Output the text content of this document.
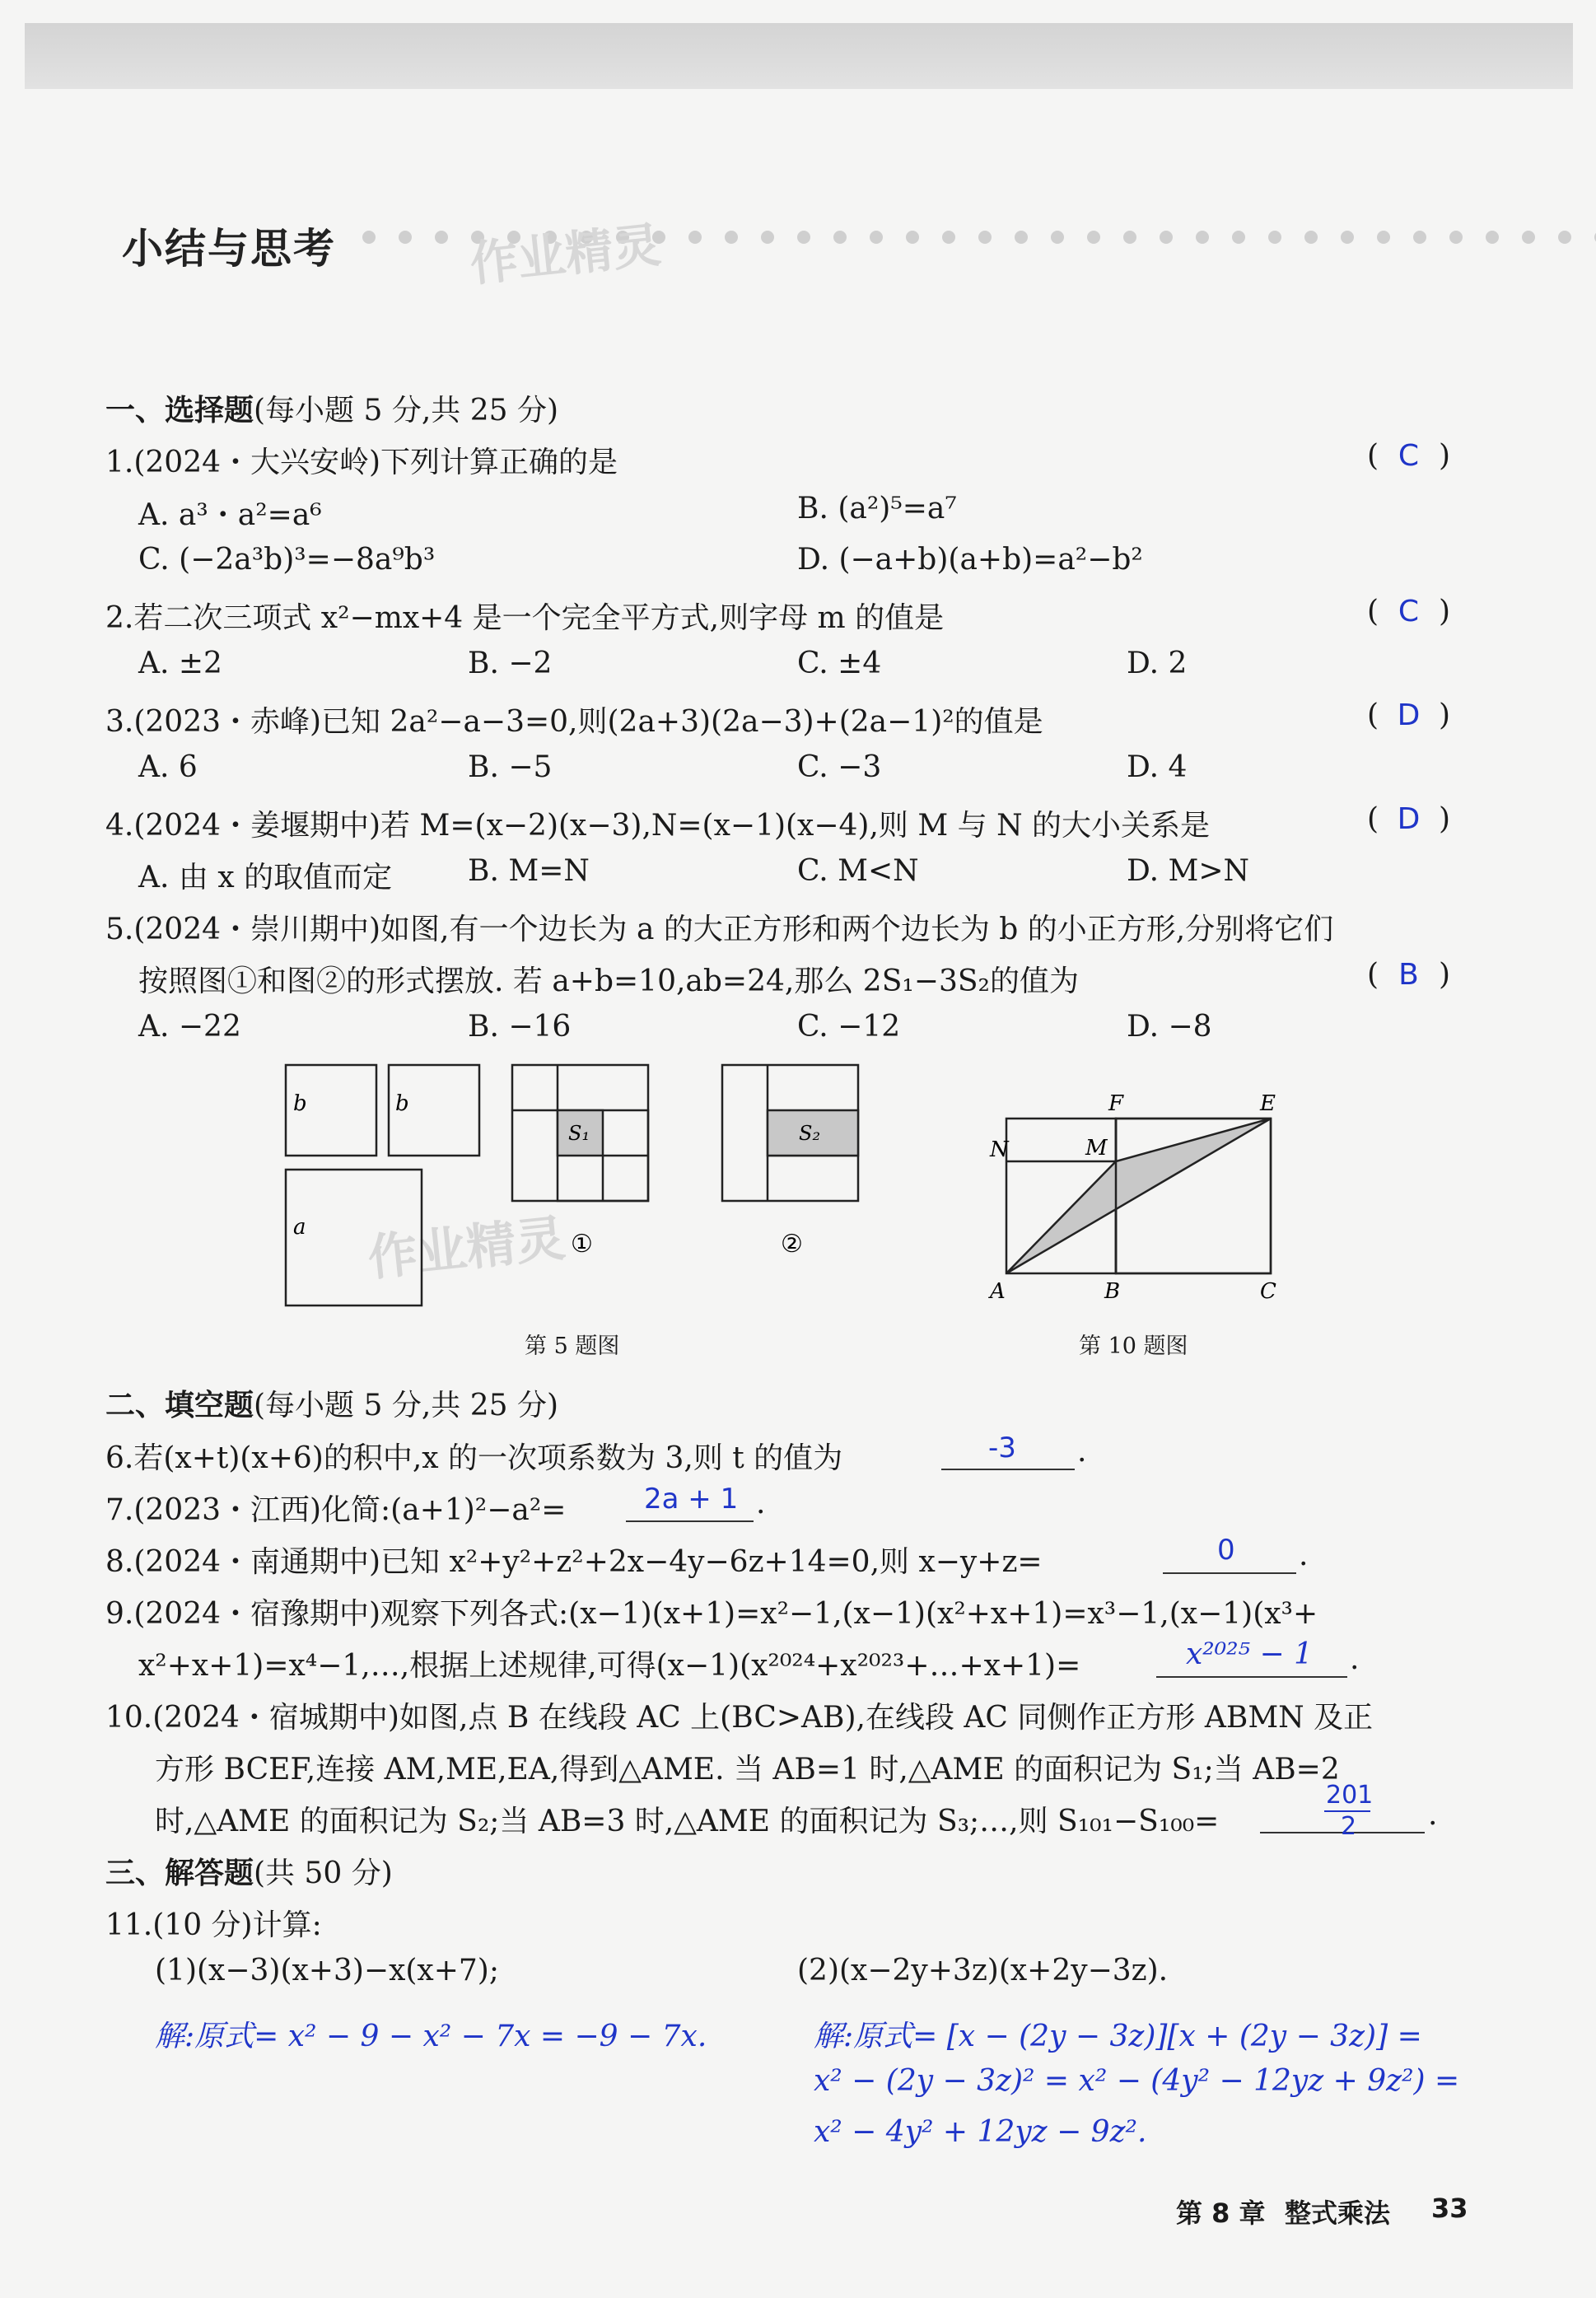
小结与思考	作业精灵
作业精灵
一、选择题(每小题 5 分,共 25 分)
1.(2024・大兴安岭)下列计算正确的是	( C )
A. a³・a²=a⁶	B. (a²)⁵=a⁷
C. (−2a³b)³=−8a⁹b³	D. (−a+b)(a+b)=a²−b²
2.若二次三项式 x²−mx+4 是一个完全平方式,则字母 m 的值是	( C )
A. ±2	B. −2	C. ±4	D. 2
3.(2023・赤峰)已知 2a²−a−3=0,则(2a+3)(2a−3)+(2a−1)²的值是	( D )
A. 6	B. −5	C. −3	D. 4
4.(2024・姜堰期中)若 M=(x−2)(x−3),N=(x−1)(x−4),则 M 与 N 的大小关系是	( D )
A. 由 x 的取值而定	B. M=N	C. M<N	D. M>N
5.(2024・崇川期中)如图,有一个边长为 a 的大正方形和两个边长为 b 的小正方形,分别将它们
按照图①和图②的形式摆放. 若 a+b=10,ab=24,那么 2S₁−3S₂的值为	( B )
A. −22	B. −16	C. −12	D. −8
b	b
a
S₁	S₂
①	②
F	E
N	M
A	B	C
第 5 题图	第 10 题图
二、填空题(每小题 5 分,共 25 分)
6.若(x+t)(x+6)的积中,x 的一次项系数为 3,则 t 的值为	-3 .
7.(2023・江西)化简:(a+1)²−a²=	2a + 1 .
8.(2024・南通期中)已知 x²+y²+z²+2x−4y−6z+14=0,则 x−y+z=	0 .
9.(2024・宿豫期中)观察下列各式:(x−1)(x+1)=x²−1,(x−1)(x²+x+1)=x³−1,(x−1)(x³+
x²+x+1)=x⁴−1,…,根据上述规律,可得(x−1)(x²⁰²⁴+x²⁰²³+…+x+1)=	x²⁰²⁵ − 1 .
10.(2024・宿城期中)如图,点 B 在线段 AC 上(BC>AB),在线段 AC 同侧作正方形 ABMN 及正
方形 BCEF,连接 AM,ME,EA,得到△AME. 当 AB=1 时,△AME 的面积记为 S₁;当 AB=2
时,△AME 的面积记为 S₂;当 AB=3 时,△AME 的面积记为 S₃;…,则 S₁₀₁−S₁₀₀=
201
2 .
三、解答题(共 50 分)
11.(10 分)计算:
(1)(x−3)(x+3)−x(x+7);	(2)(x−2y+3z)(x+2y−3z).
解:原式= x² − 9 − x² − 7x = −9 − 7x.	解:原式= [x − (2y − 3z)][x + (2y − 3z)] =
x² − (2y − 3z)² = x² − (4y² − 12yz + 9z²) =
x² − 4y² + 12yz − 9z².
第 8 章 整式乘法 33
